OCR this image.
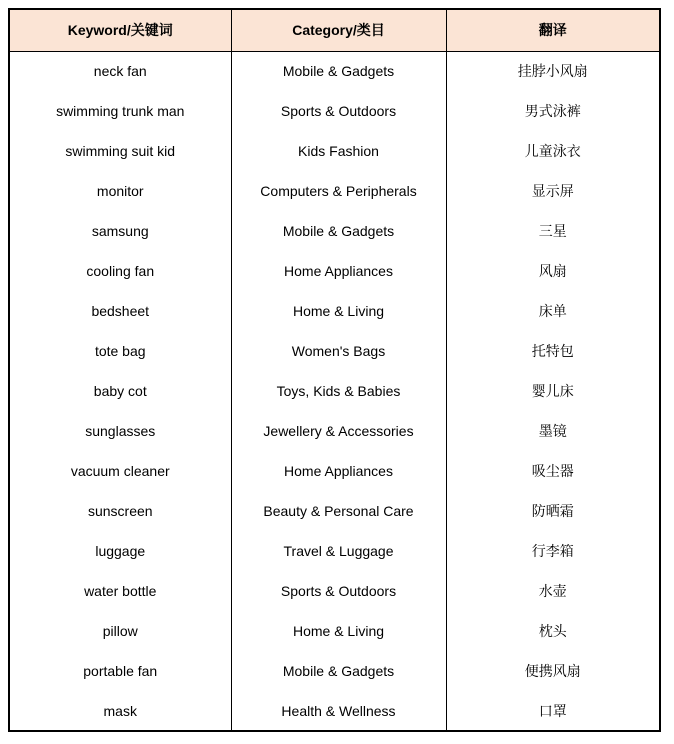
Keyword/关键词	Category/类目	翻译
neck fan	Mobile & Gadgets	挂脖小风扇
swimming trunk man	Sports & Outdoors	男式泳裤
swimming suit kid	Kids Fashion	儿童泳衣
monitor	Computers & Peripherals	显示屏
samsung	Mobile & Gadgets	三星
cooling fan	Home Appliances	风扇
bedsheet	Home & Living	床单
tote bag	Women's Bags	托特包
baby cot	Toys, Kids & Babies	婴儿床
sunglasses	Jewellery & Accessories	墨镜
vacuum cleaner	Home Appliances	吸尘器
sunscreen	Beauty & Personal Care	防晒霜
luggage	Travel & Luggage	行李箱
water bottle	Sports & Outdoors	水壶
pillow	Home & Living	枕头
portable fan	Mobile & Gadgets	便携风扇
mask	Health & Wellness	口罩
